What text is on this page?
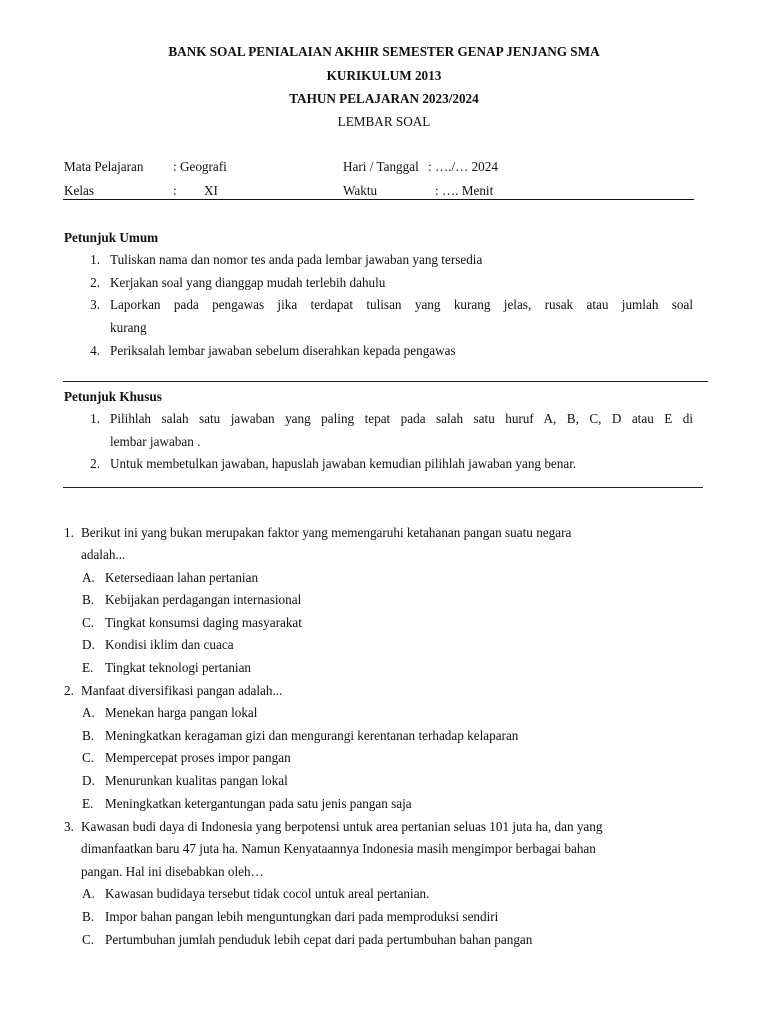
BANK SOAL PENIALAIAN AKHIR SEMESTER GENAP JENJANG SMA
KURIKULUM 2013
TAHUN PELAJARAN 2023/2024
LEMBAR SOAL
Mata Pelajaran : Geografi	Hari / Tanggal : …./… 2024
Kelas	: XI	Waktu	: …. Menit
Petunjuk Umum
1. Tuliskan nama dan nomor tes anda pada lembar jawaban yang tersedia
2. Kerjakan soal yang dianggap mudah terlebih dahulu
3. Laporkan pada pengawas jika terdapat tulisan yang kurang jelas, rusak atau jumlah soal
kurang
4. Periksalah lembar jawaban sebelum diserahkan kepada pengawas
Petunjuk Khusus
1. Pilihlah salah satu jawaban yang paling tepat pada salah satu huruf A, B, C, D atau E di
lembar jawaban .
2. Untuk membetulkan jawaban, hapuslah jawaban kemudian pilihlah jawaban yang benar.
1. Berikut ini yang bukan merupakan faktor yang memengaruhi ketahanan pangan suatu negara
adalah...
A. Ketersediaan lahan pertanian
B. Kebijakan perdagangan internasional
C. Tingkat konsumsi daging masyarakat
D. Kondisi iklim dan cuaca
E. Tingkat teknologi pertanian
2. Manfaat diversifikasi pangan adalah...
A. Menekan harga pangan lokal
B. Meningkatkan keragaman gizi dan mengurangi kerentanan terhadap kelaparan
C. Mempercepat proses impor pangan
D. Menurunkan kualitas pangan lokal
E. Meningkatkan ketergantungan pada satu jenis pangan saja
3. Kawasan budi daya di Indonesia yang berpotensi untuk area pertanian seluas 101 juta ha, dan yang
dimanfaatkan baru 47 juta ha. Namun Kenyataannya Indonesia masih mengimpor berbagai bahan
pangan. Hal ini disebabkan oleh…
A. Kawasan budidaya tersebut tidak cocol untuk areal pertanian.
B. Impor bahan pangan lebih menguntungkan dari pada memproduksi sendiri
C. Pertumbuhan jumlah penduduk lebih cepat dari pada pertumbuhan bahan pangan
